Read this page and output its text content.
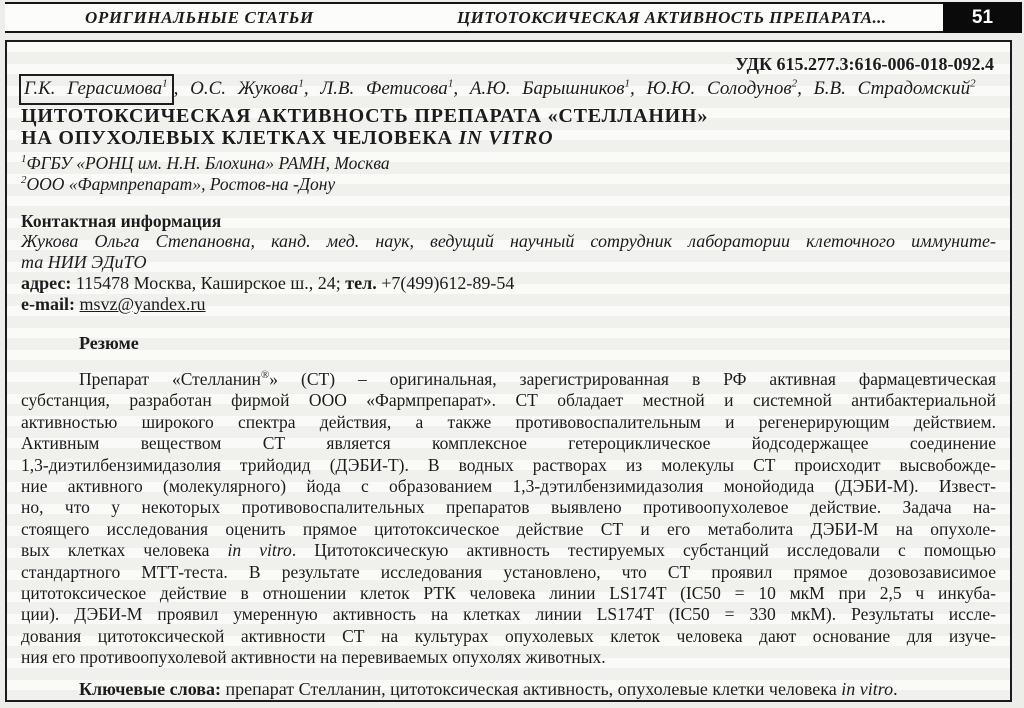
ОРИГИНАЛЬНЫЕ СТАТЬИ	ЦИТОТОКСИЧЕСКАЯ АКТИВНОСТЬ ПРЕПАРАТА...	51
УДК 615.277.3:616-006-018-092.4
Г.К. Герасимова$^1$ , О.С. Жукова$^1$, Л.В. Фетисова$^1$, А.Ю. Барышников$^1$, Ю.Ю. Солодунов$^2$, Б.В. Страдомский$^2$
ЦИТОТОКСИЧЕСКАЯ АКТИВНОСТЬ ПРЕПАРАТА «СТЕЛЛАНИН»
НА ОПУХОЛЕВЫХ КЛЕТКАХ ЧЕЛОВЕКА IN VITRO
$^1$ФГБУ «РОНЦ им. Н.Н. Блохина» РАМН, Москва
$^2$ООО «Фармпрепарат», Ростов-на -Дону
Контактная информация
Жукова Ольга Степановна, канд. мед. наук, ведущий научный сотрудник лаборатории клеточного иммуните-
та НИИ ЭДиТО
адрес: 115478 Москва, Каширское ш., 24; тел. +7(499)612-89-54
e-mail: msvz@yandex.ru
Резюме
Препарат «Стелланин®» (СТ) – оригинальная, зарегистрированная в РФ активная фармацевтическая
субстанция, разработан фирмой ООО «Фармпрепарат». СТ обладает местной и системной антибактериальной
активностью широкого спектра действия, а также противовоспалительным и регенерирующим действием.
Активным веществом СТ является комплексное гетероциклическое йодсодержащее соединение
1,3-диэтилбензимидазолия трийодид (ДЭБИ-Т). В водных растворах из молекулы СТ происходит высвобожде-
ние активного (молекулярного) йода с образованием 1,3-дэтилбензимидазолия монойодида (ДЭБИ-М). Извест-
но, что у некоторых противовоспалительных препаратов выявлено противоопухолевое действие. Задача на-
стоящего исследования оценить прямое цитотоксическое действие СТ и его метаболита ДЭБИ-М на опухоле-
вых клетках человека in vitro. Цитотоксическую активность тестируемых субстанций исследовали с помощью
стандартного МТТ-теста. В результате исследования установлено, что СТ проявил прямое дозовозависимое
цитотоксическое действие в отношении клеток РТК человека линии LS174T (IC50 = 10 мкМ при 2,5 ч инкуба-
ции). ДЭБИ-М проявил умеренную активность на клетках линии LS174T (IC50 = 330 мкМ). Результаты иссле-
дования цитотоксической активности СТ на культурах опухолевых клеток человека дают основание для изуче-
ния его противоопухолевой активности на перевиваемых опухолях животных.
Ключевые слова: препарат Стелланин, цитотоксическая активность, опухолевые клетки человека in vitro.
